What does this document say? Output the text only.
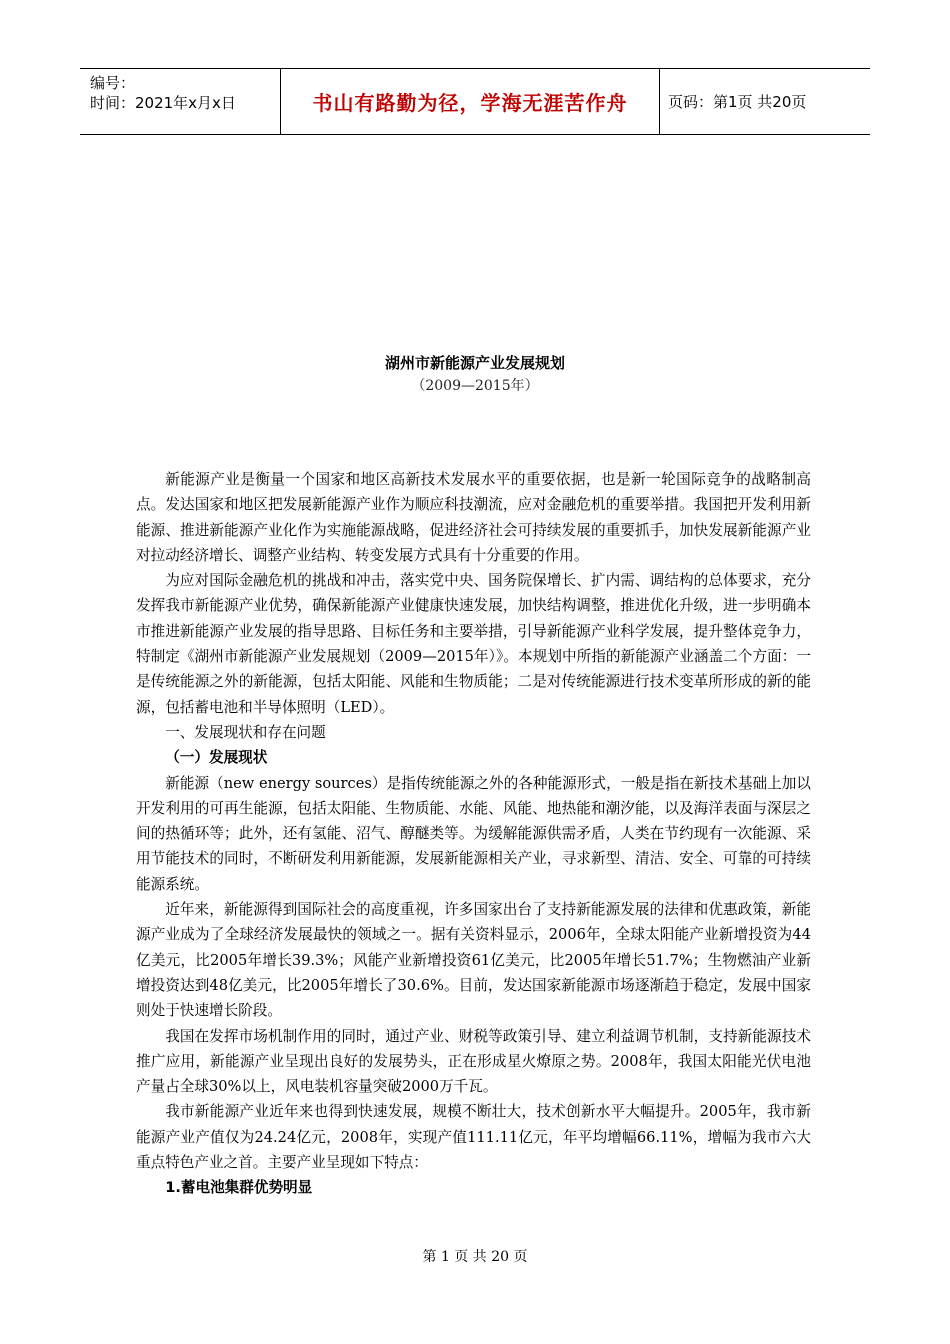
编号：
时间：2021年x月x日	书山有路勤为径，学海无涯苦作舟	页码：第1页 共20页
湖州市新能源产业发展规划
（2009—2015年）

新能源产业是衡量一个国家和地区高新技术发展水平的重要依据，也是新一轮国际竞争的战略制高点。发达国家和地区把发展新能源产业作为顺应科技潮流，应对金融危机的重要举措。我国把开发利用新能源、推进新能源产业化作为实施能源战略，促进经济社会可持续发展的重要抓手，加快发展新能源产业对拉动经济增长、调整产业结构、转变发展方式具有十分重要的作用。

为应对国际金融危机的挑战和冲击，落实党中央、国务院保增长、扩内需、调结构的总体要求，充分发挥我市新能源产业优势，确保新能源产业健康快速发展，加快结构调整，推进优化升级，进一步明确本市推进新能源产业发展的指导思路、目标任务和主要举措，引导新能源产业科学发展，提升整体竞争力，特制定《湖州市新能源产业发展规划（2009—2015年）》。本规划中所指的新能源产业涵盖二个方面：一是传统能源之外的新能源，包括太阳能、风能和生物质能；二是对传统能源进行技术变革所形成的新的能源，包括蓄电池和半导体照明（LED）。

一、发展现状和存在问题

（一）发展现状

新能源（new energy sources）是指传统能源之外的各种能源形式，一般是指在新技术基础上加以开发利用的可再生能源，包括太阳能、生物质能、水能、风能、地热能和潮汐能，以及海洋表面与深层之间的热循环等；此外，还有氢能、沼气、醇醚类等。为缓解能源供需矛盾，人类在节约现有一次能源、采用节能技术的同时，不断研发利用新能源，发展新能源相关产业，寻求新型、清洁、安全、可靠的可持续能源系统。

近年来，新能源得到国际社会的高度重视，许多国家出台了支持新能源发展的法律和优惠政策，新能源产业成为了全球经济发展最快的领域之一。据有关资料显示，2006年，全球太阳能产业新增投资为44亿美元，比2005年增长39.3%；风能产业新增投资61亿美元，比2005年增长51.7%；生物燃油产业新增投资达到48亿美元，比2005年增长了30.6%。目前，发达国家新能源市场逐渐趋于稳定，发展中国家则处于快速增长阶段。

我国在发挥市场机制作用的同时，通过产业、财税等政策引导、建立利益调节机制，支持新能源技术推广应用，新能源产业呈现出良好的发展势头，正在形成星火燎原之势。2008年，我国太阳能光伏电池产量占全球30%以上，风电装机容量突破2000万千瓦。

我市新能源产业近年来也得到快速发展，规模不断壮大，技术创新水平大幅提升。2005年，我市新能源产业产值仅为24.24亿元，2008年，实现产值111.11亿元，年平均增幅66.11%，增幅为我市六大重点特色产业之首。主要产业呈现如下特点：

1.蓄电池集群优势明显

第 1 页 共 20 页
